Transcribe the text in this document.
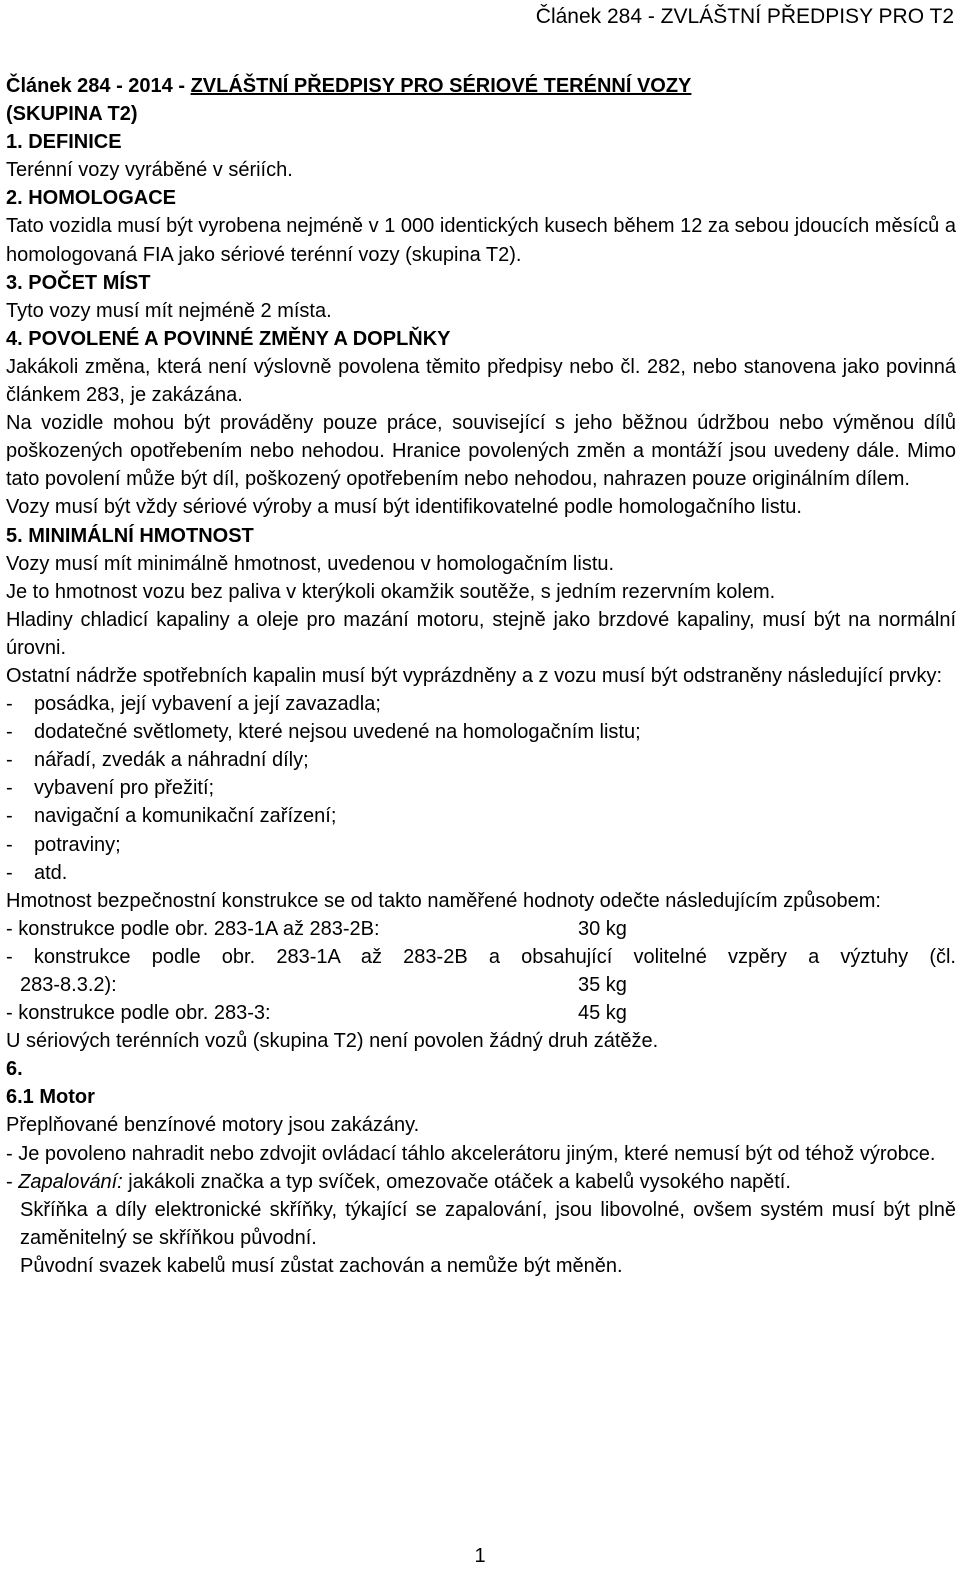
Článek 284 - ZVLÁŠTNÍ PŘEDPISY PRO T2

Článek 284 - 2014 - ZVLÁŠTNÍ PŘEDPISY PRO SÉRIOVÉ TERÉNNÍ VOZY

(SKUPINA T2)

1. DEFINICE

Terénní vozy vyráběné v sériích.

2. HOMOLOGACE

Tato vozidla musí být vyrobena nejméně v 1 000 identických kusech během 12 za sebou jdoucích měsíců a homologovaná FIA jako sériové terénní vozy (skupina T2).

3. POČET MÍST

Tyto vozy musí mít nejméně 2 místa.

4. POVOLENÉ A POVINNÉ ZMĚNY A DOPLŇKY

Jakákoli změna, která není výslovně povolena těmito předpisy nebo čl. 282, nebo stanovena jako povinná článkem 283, je zakázána.

Na vozidle mohou být prováděny pouze práce, související s jeho běžnou údržbou nebo výměnou dílů poškozených opotřebením nebo nehodou. Hranice povolených změn a montáží jsou uvedeny dále. Mimo tato povolení může být díl, poškozený opotřebením nebo nehodou, nahrazen pouze originálním dílem.

Vozy musí být vždy sériové výroby a musí být identifikovatelné podle homologačního listu.

5. MINIMÁLNÍ HMOTNOST

Vozy musí mít minimálně hmotnost, uvedenou v homologačním listu.

Je to hmotnost vozu bez paliva v kterýkoli okamžik soutěže, s jedním rezervním kolem.

Hladiny chladicí kapaliny a oleje pro mazání motoru, stejně jako brzdové kapaliny, musí být na normální úrovni.

Ostatní nádrže spotřebních kapalin musí být vyprázdněny a z vozu musí být odstraněny následující prvky:

- posádka, její vybavení a její zavazadla;

- dodatečné světlomety, které nejsou uvedené na homologačním listu;

- nářadí, zvedák a náhradní díly;

- vybavení pro přežití;

- navigační a komunikační zařízení;

- potraviny;

- atd.

Hmotnost bezpečnostní konstrukce se od takto naměřené hodnoty odečte následujícím způsobem:

- konstrukce podle obr. 283-1A až 283-2B:	30 kg

- konstrukce podle obr. 283-1A až 283-2B a obsahující volitelné vzpěry a výztuhy (čl.

283-8.3.2):	35 kg

- konstrukce podle obr. 283-3:	45 kg

U sériových terénních vozů (skupina T2) není povolen žádný druh zátěže.

6.

6.1 Motor

Přeplňované benzínové motory jsou zakázány.

- Je povoleno nahradit nebo zdvojit ovládací táhlo akcelerátoru jiným, které nemusí být od téhož výrobce.

- Zapalování: jakákoli značka a typ svíček, omezovače otáček a kabelů vysokého napětí.

Skříňka a díly elektronické skříňky, týkající se zapalování, jsou libovolné, ovšem systém musí být plně zaměnitelný se skříňkou původní.

Původní svazek kabelů musí zůstat zachován a nemůže být měněn.

1
